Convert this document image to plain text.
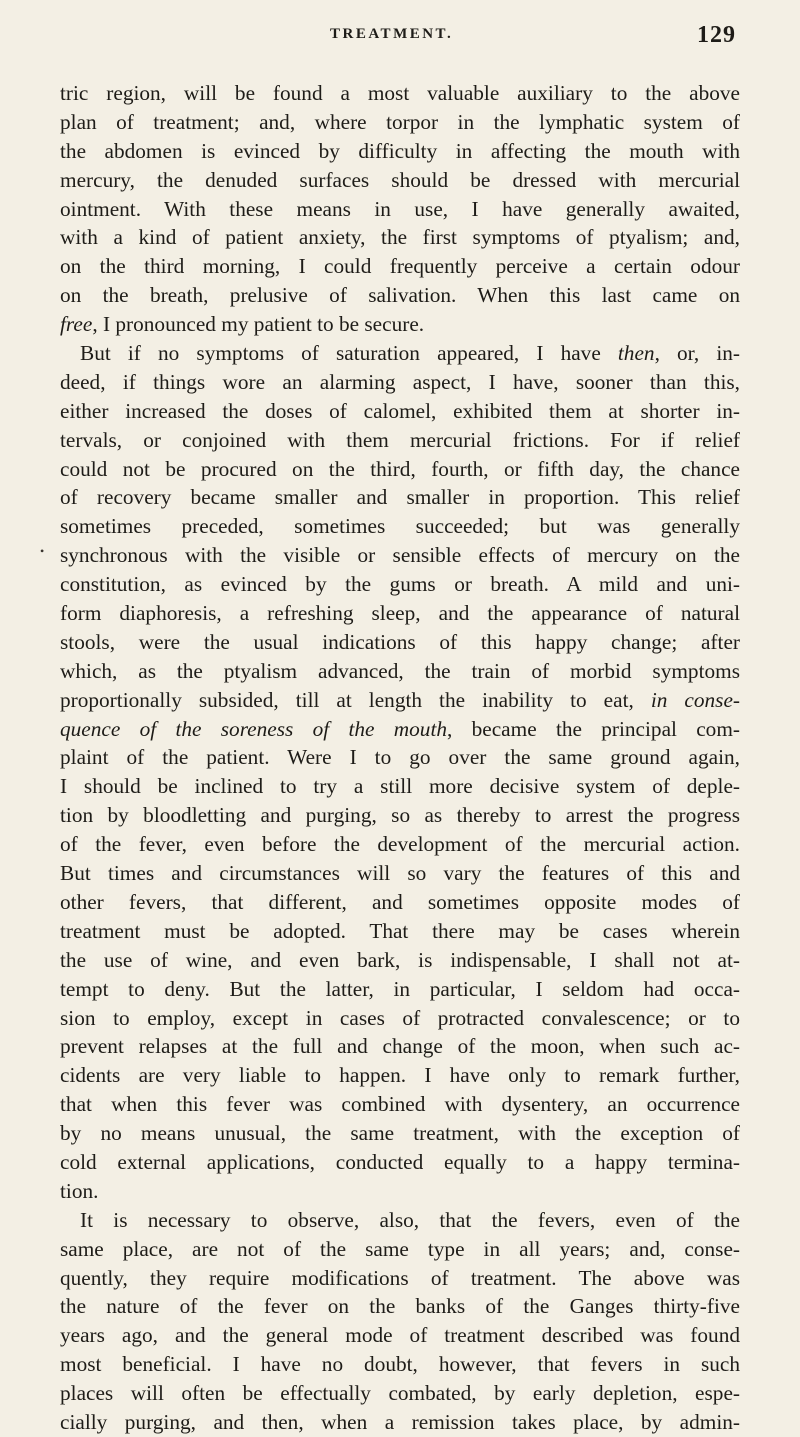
TREATMENT.	129
•
tric region, will be found a most valuable auxiliary to the above
plan of treatment; and, where torpor in the lymphatic system of
the abdomen is evinced by difficulty in affecting the mouth with
mercury, the denuded surfaces should be dressed with mercurial
ointment. With these means in use, I have generally awaited,
with a kind of patient anxiety, the first symptoms of ptyalism; and,
on the third morning, I could frequently perceive a certain odour
on the breath, prelusive of salivation. When this last came on
free, I pronounced my patient to be secure.
But if no symptoms of saturation appeared, I have then, or, in-
deed, if things wore an alarming aspect, I have, sooner than this,
either increased the doses of calomel, exhibited them at shorter in-
tervals, or conjoined with them mercurial frictions. For if relief
could not be procured on the third, fourth, or fifth day, the chance
of recovery became smaller and smaller in proportion. This relief
sometimes preceded, sometimes succeeded; but was generally
synchronous with the visible or sensible effects of mercury on the
constitution, as evinced by the gums or breath. A mild and uni-
form diaphoresis, a refreshing sleep, and the appearance of natural
stools, were the usual indications of this happy change; after
which, as the ptyalism advanced, the train of morbid symptoms
proportionally subsided, till at length the inability to eat, in conse-
quence of the soreness of the mouth, became the principal com-
plaint of the patient. Were I to go over the same ground again,
I should be inclined to try a still more decisive system of deple-
tion by bloodletting and purging, so as thereby to arrest the progress
of the fever, even before the development of the mercurial action.
But times and circumstances will so vary the features of this and
other fevers, that different, and sometimes opposite modes of
treatment must be adopted. That there may be cases wherein
the use of wine, and even bark, is indispensable, I shall not at-
tempt to deny. But the latter, in particular, I seldom had occa-
sion to employ, except in cases of protracted convalescence; or to
prevent relapses at the full and change of the moon, when such ac-
cidents are very liable to happen. I have only to remark further,
that when this fever was combined with dysentery, an occurrence
by no means unusual, the same treatment, with the exception of
cold external applications, conducted equally to a happy termina-
tion.
It is necessary to observe, also, that the fevers, even of the
same place, are not of the same type in all years; and, conse-
quently, they require modifications of treatment. The above was
the nature of the fever on the banks of the Ganges thirty-five
years ago, and the general mode of treatment described was found
most beneficial. I have no doubt, however, that fevers in such
places will often be effectually combated, by early depletion, espe-
cially purging, and then, when a remission takes place, by admin-
